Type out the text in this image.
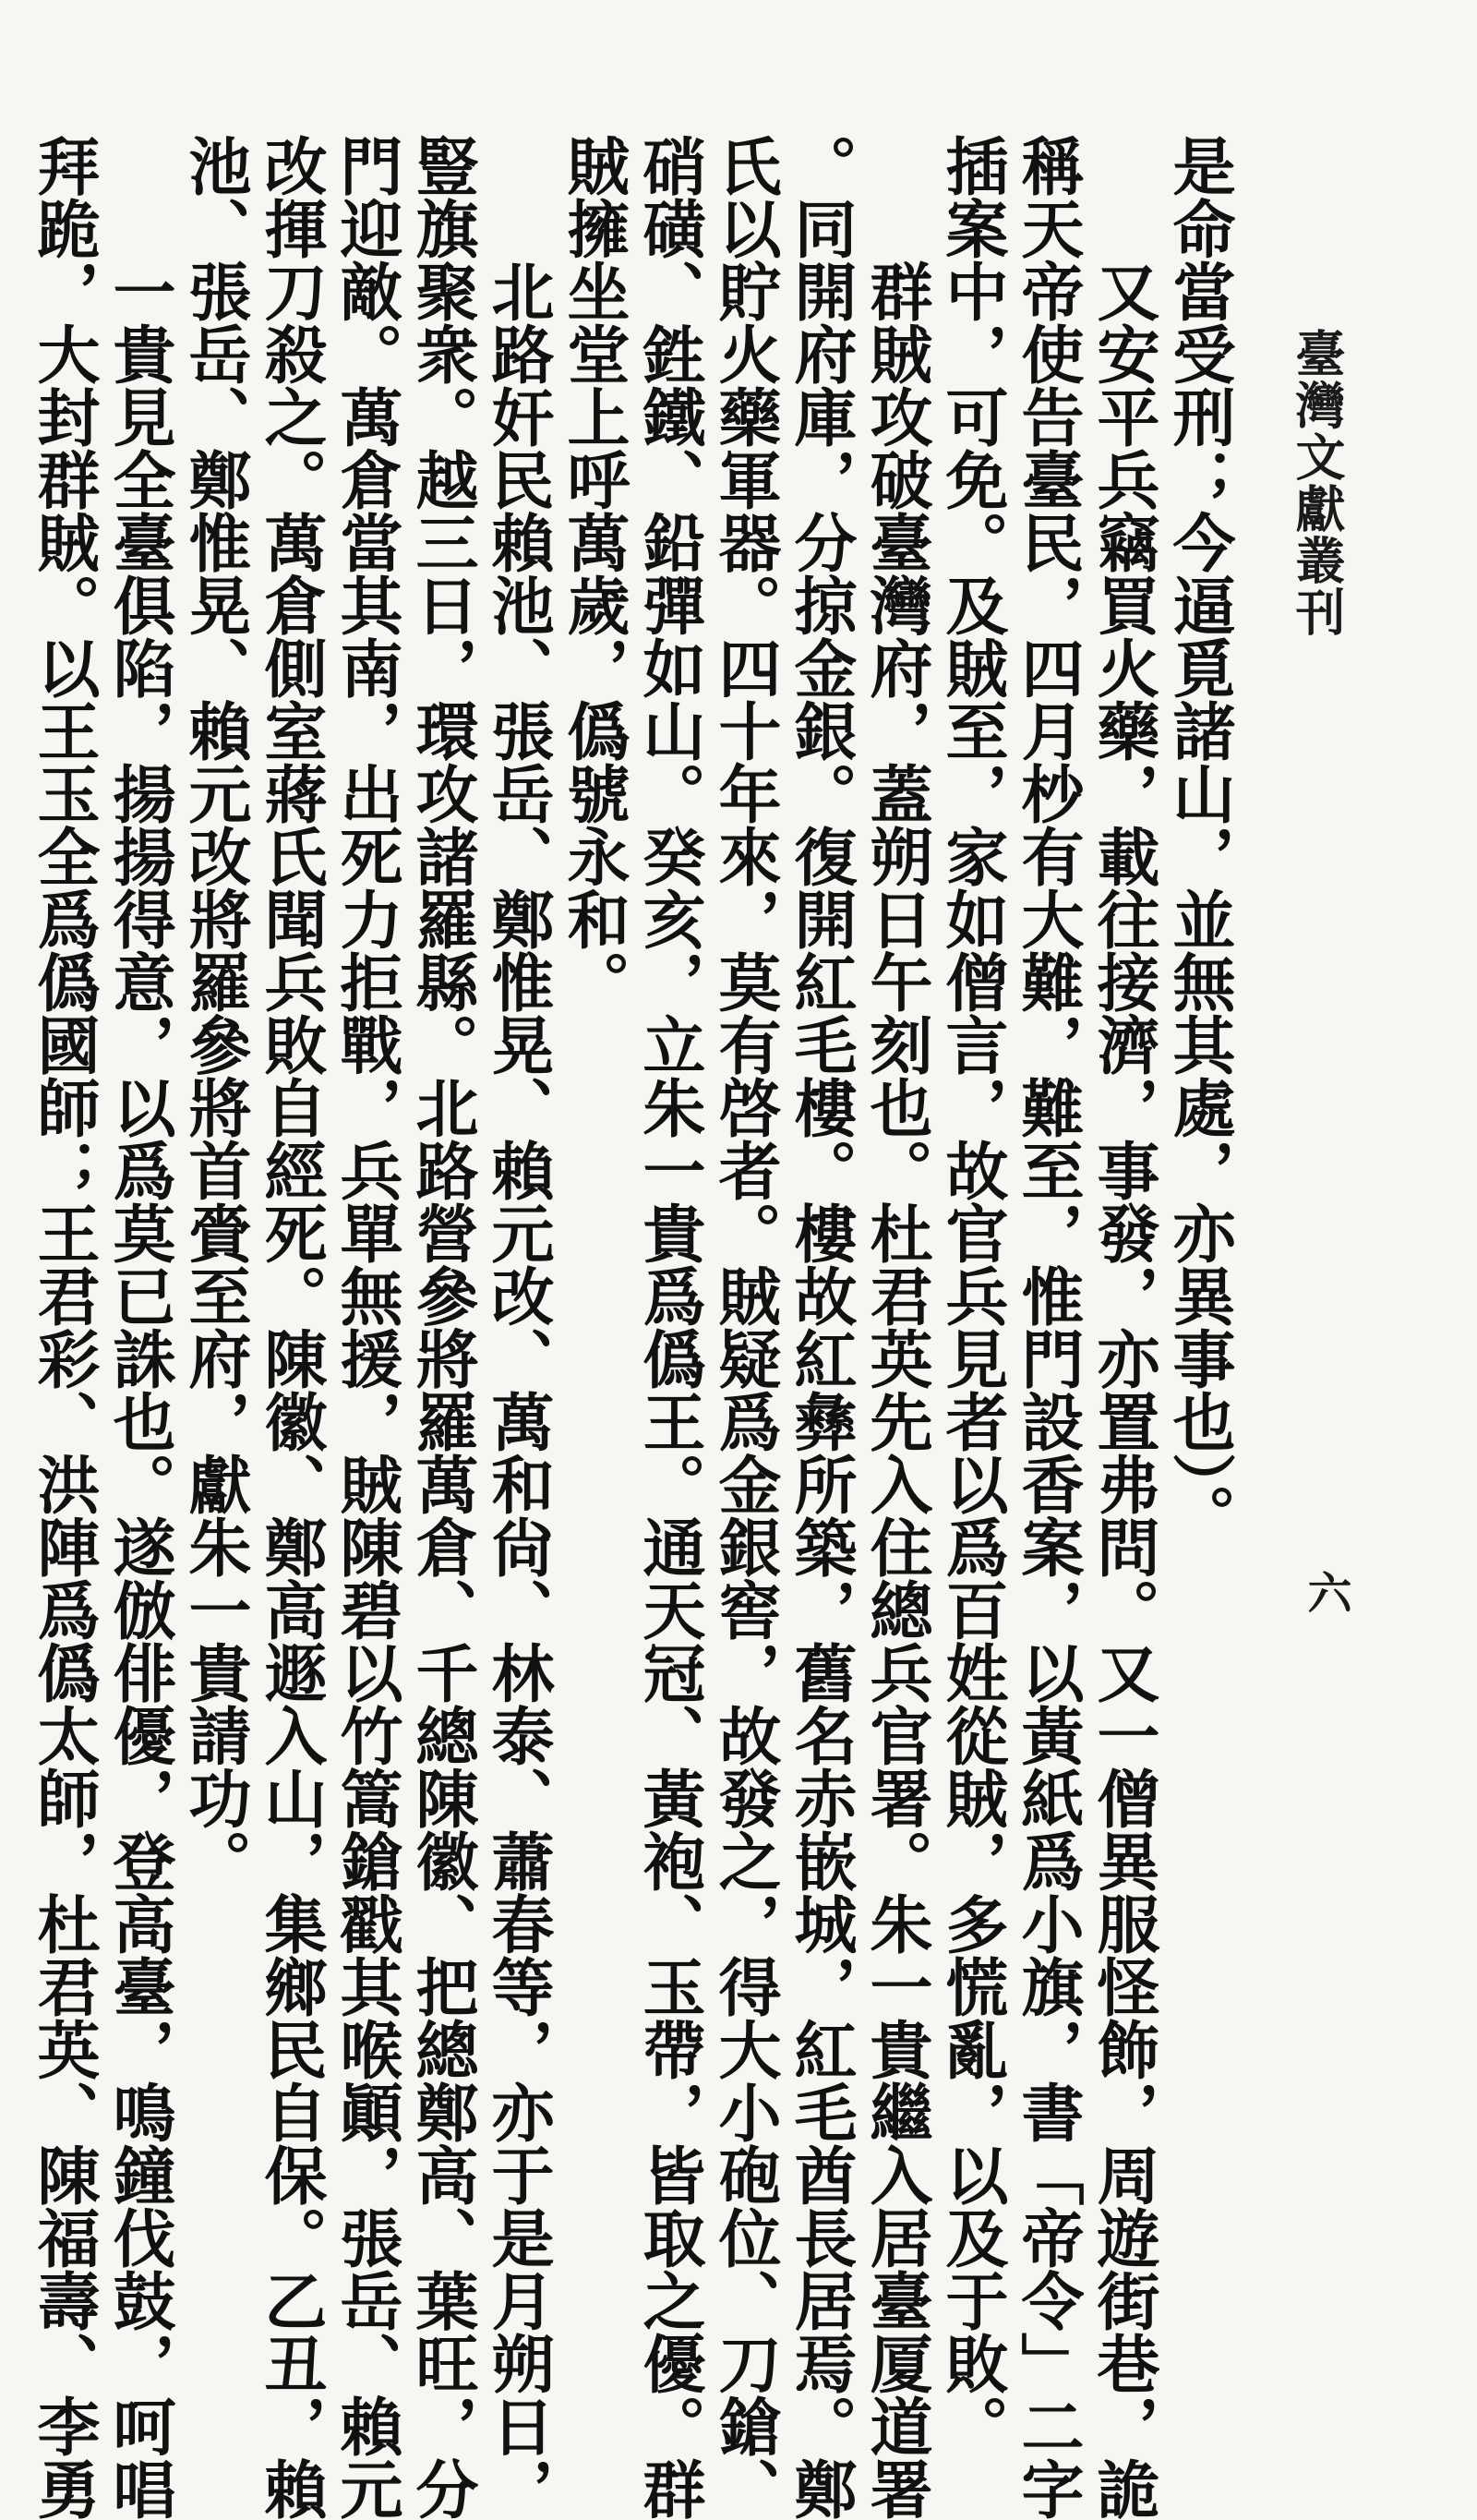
臺灣文獻叢刊
六
是命當受刑；今逼覓諸山，並無其處，亦異事也）。
又安平兵竊買火藥，載往接濟，事發，亦置弗問。又一僧異服怪飾，周遊街巷，詭
稱天帝使告臺民，四月杪有大難，難至，惟門設香案，以黃紙爲小旗，書「帝令」二字
插案中，可免。及賊至，家如僧言，故官兵見者以爲百姓從賊，多慌亂，以及于敗。
群賊攻破臺灣府，蓋朔日午刻也。杜君英先入住總兵官署。朱一貴繼入居臺厦道署
。同開府庫，分掠金銀。復開紅毛樓。樓故紅彝所築，舊名赤嵌城，紅毛酋長居焉。鄭
氏以貯火藥軍器。四十年來，莫有啓者。賊疑爲金銀窖，故發之，得大小砲位、刀鎗、
硝磺、鉎鐵、鉛彈如山。癸亥，立朱一貴爲僞王。通天冠、黃袍、玉帶，皆取之優。群
賊擁坐堂上呼萬歲，僞號永和。
北路奸民賴池、張岳、鄭惟晃、賴元改、萬和尙、林泰、蕭春等，亦于是月朔日，
豎旗聚衆。越三日，環攻諸羅縣。北路營參將羅萬倉、千總陳徽、把總鄭高、葉旺，分
門迎敵。萬倉當其南，出死力拒戰，兵單無援，賊陳碧以竹篙鎗戳其喉顚，張岳、賴元
改揮刀殺之。萬倉側室蔣氏聞兵敗自經死。陳徽、鄭高遯入山，集鄉民自保。乙丑，賴
池、張岳、鄭惟晃、賴元改將羅參將首賫至府，獻朱一貴請功。
一貴見全臺俱陷，揚揚得意，以爲莫已誅也。遂倣俳優，登高臺，鳴鐘伐鼓，呵唱
拜跪，大封群賊。以王玉全爲僞國師；王君彩、洪陣爲僞太師，杜君英、陳福壽、李勇
